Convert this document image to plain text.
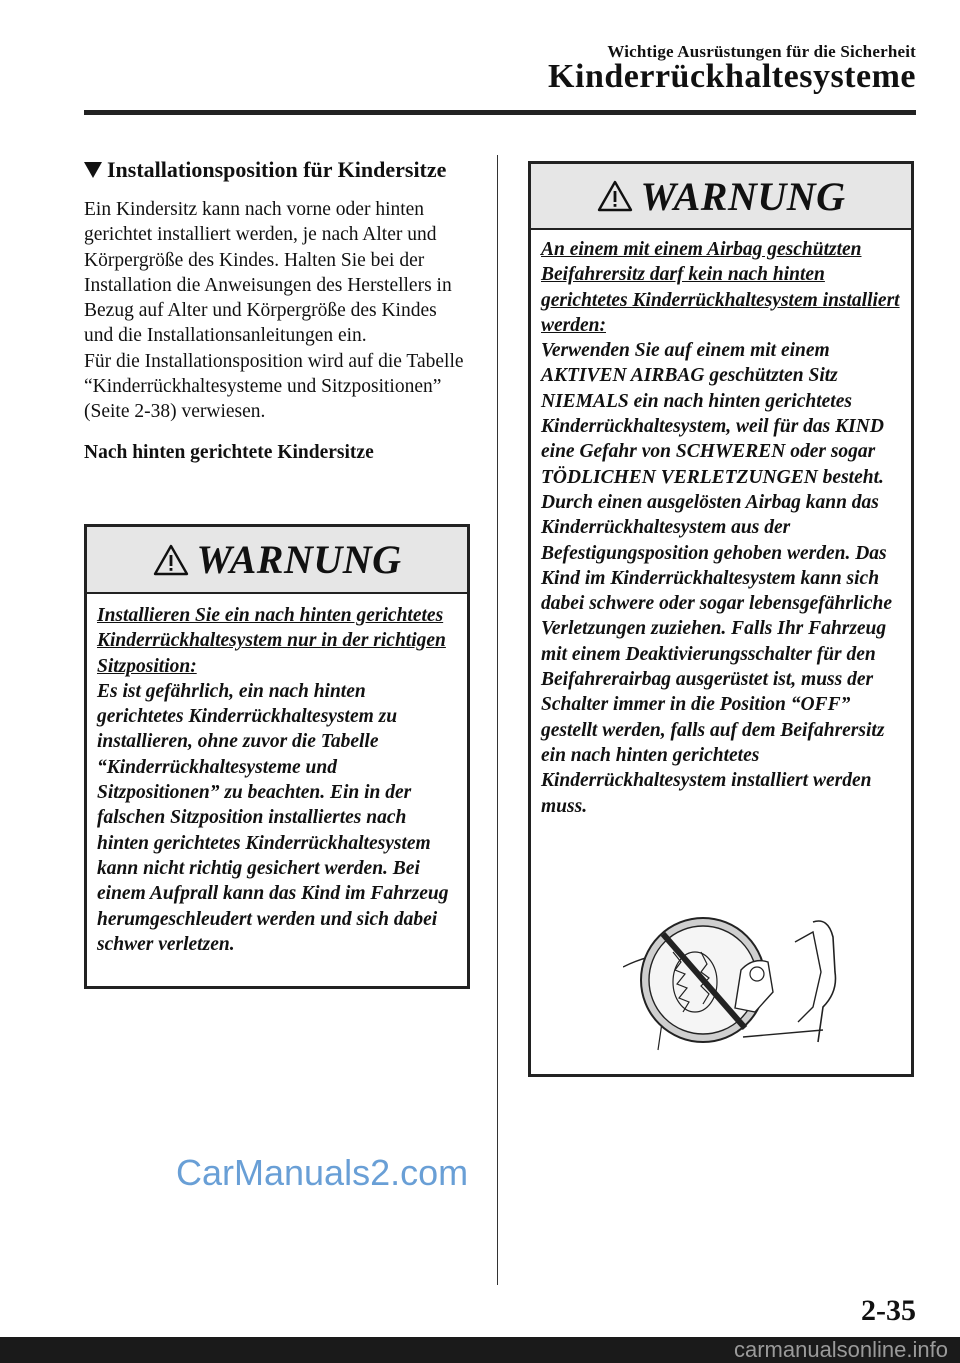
Wichtige Ausrüstungen für die Sicherheit
Kinderrückhaltesysteme
Installationsposition für Kindersitze

Ein Kindersitz kann nach vorne oder hinten gerichtet installiert werden, je nach Alter und Körpergröße des Kindes. Halten Sie bei der Installation die Anweisungen des Herstellers in Bezug auf Alter und Körpergröße des Kindes und die Installationsanleitungen ein.

Für die Installationsposition wird auf die Tabelle “Kinderrückhaltesysteme und Sitzpositionen” (Seite 2-38) verwiesen.

Nach hinten gerichtete Kindersitze

WARNUNG
Installieren Sie ein nach hinten gerichtetes Kinderrückhaltesystem nur in der richtigen Sitzposition:
Es ist gefährlich, ein nach hinten gerichtetes Kinderrückhaltesystem zu installieren, ohne zuvor die Tabelle “Kinderrückhaltesysteme und Sitzpositionen” zu beachten. Ein in der falschen Sitzposition installiertes nach hinten gerichtetes Kinderrückhaltesystem kann nicht richtig gesichert werden. Bei einem Aufprall kann das Kind im Fahrzeug herumgeschleudert werden und sich dabei schwer verletzen.
WARNUNG
An einem mit einem Airbag geschützten Beifahrersitz darf kein nach hinten gerichtetes Kinderrückhaltesystem installiert werden:
Verwenden Sie auf einem mit einem AKTIVEN AIRBAG geschützten Sitz NIEMALS ein nach hinten gerichtetes Kinderrückhaltesystem, weil für das KIND eine Gefahr von SCHWEREN oder sogar TÖDLICHEN VERLETZUNGEN besteht. Durch einen ausgelösten Airbag kann das Kinderrückhaltesystem aus der Befestigungsposition gehoben werden. Das Kind im Kinderrückhaltesystem kann sich dabei schwere oder sogar lebensgefährliche Verletzungen zuziehen. Falls Ihr Fahrzeug mit einem Deaktivierungsschalter für den Beifahrerairbag ausgerüstet ist, muss der Schalter immer in die Position “OFF” gestellt werden, falls auf dem Beifahrersitz ein nach hinten gerichtetes Kinderrückhaltesystem installiert werden muss.
CarManuals2.com
2-35
carmanualsonline.info
